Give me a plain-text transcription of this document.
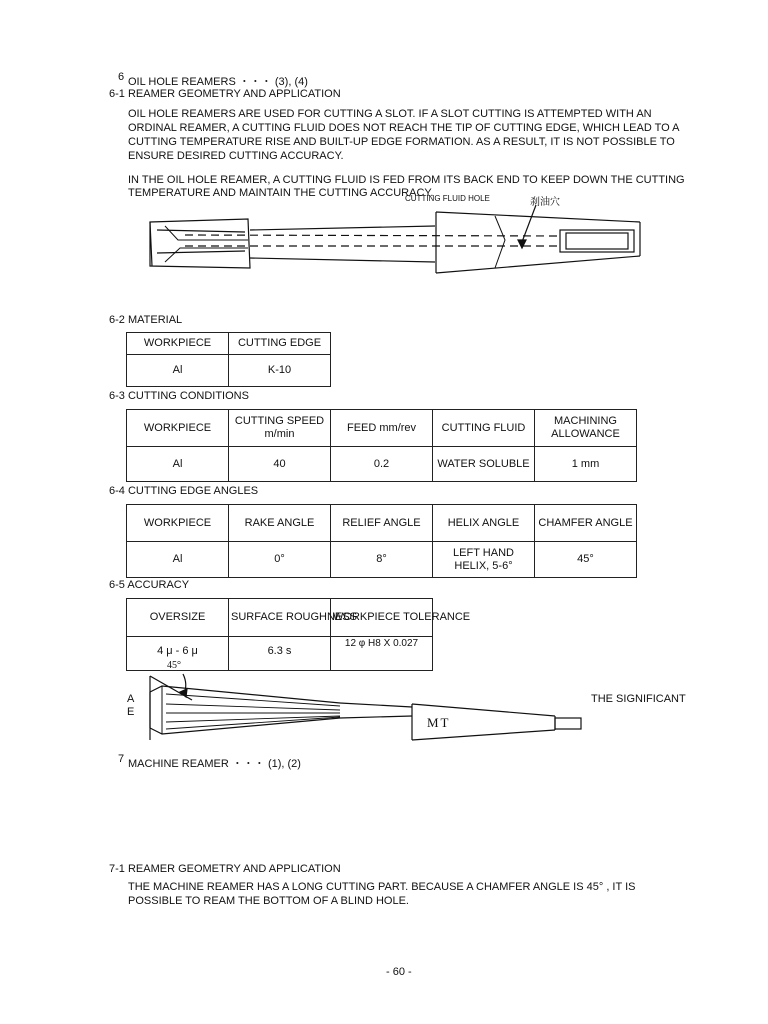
6 OIL HOLE REAMERS ・・・ (3), (4)
6-1 REAMER GEOMETRY AND APPLICATION
OIL HOLE REAMERS ARE USED FOR CUTTING A SLOT. IF A SLOT CUTTING IS ATTEMPTED WITH AN ORDINAL REAMER, A CUTTING FLUID DOES NOT REACH THE TIP OF CUTTING EDGE, WHICH LEAD TO A CUTTING TEMPERATURE RISE AND BUILT-UP EDGE FORMATION. AS A RESULT, IT IS NOT POSSIBLE TO ENSURE DESIRED CUTTING ACCURACY.
IN THE OIL HOLE REAMER, A CUTTING FLUID IS FED FROM ITS BACK END TO KEEP DOWN THE CUTTING
TEMPERATURE AND MAINTAIN THE CUTTING ACCURACY.
CUTTING FLUID HOLE	刹油穴
6-2 MATERIAL
WORKPIECE	CUTTING EDGE
Al	K-10
6-3 CUTTING CONDITIONS
WORKPIECE	CUTTING SPEED m/min	FEED mm/rev	CUTTING FLUID	MACHINING ALLOWANCE
Al	40	0.2	WATER SOLUBLE	1 mm
6-4 CUTTING EDGE ANGLES
WORKPIECE	RAKE ANGLE	RELIEF ANGLE	HELIX ANGLE	CHAMFER ANGLE
Al	0°	8°	LEFT HAND HELIX, 5-6°	45°
6-5 ACCURACY
OVERSIZE	SURFACE ROUGHNESS	WORKPIECE TOLERANCE
4 μ - 6 μ	6.3 s	12 φ H8 X 0.027
A
E
THE SIGNIFICANT
45°
MT
7 MACHINE REAMER ・・・ (1), (2)
7-1 REAMER GEOMETRY AND APPLICATION
THE MACHINE REAMER HAS A LONG CUTTING PART. BECAUSE A CHAMFER ANGLE IS 45° , IT IS POSSIBLE TO REAM THE BOTTOM OF A BLIND HOLE.
- 60 -
